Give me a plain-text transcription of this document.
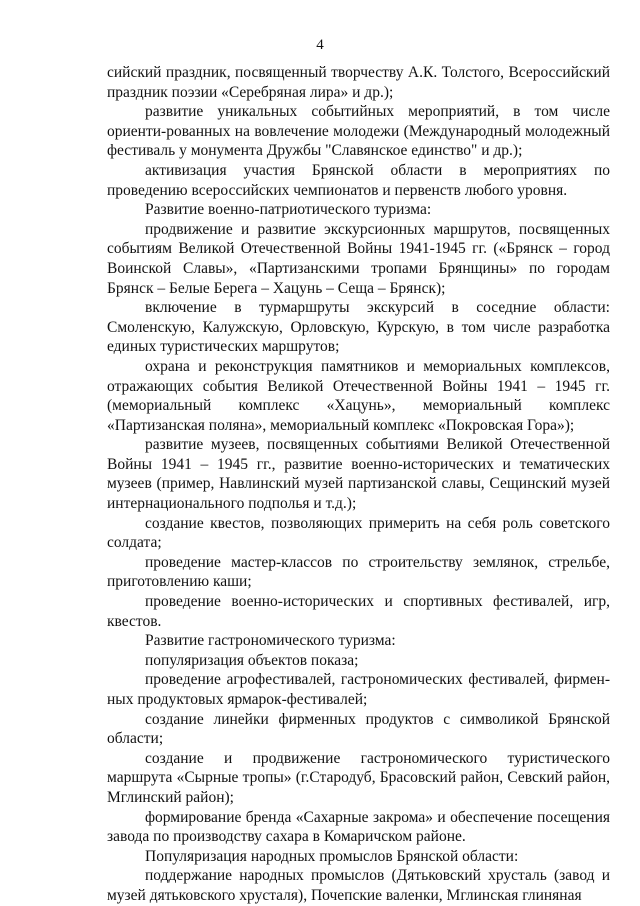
4

сийский праздник, посвященный творчеству А.К. Толстого, Всероссийский праздник поэзии «Серебряная лира» и др.);

развитие уникальных событийных мероприятий, в том числе ориенти-рованных на вовлечение молодежи (Международный молодежный фестиваль у монумента Дружбы "Славянское единство" и др.);

активизация участия Брянской области в мероприятиях по проведению всероссийских чемпионатов и первенств любого уровня.

Развитие военно-патриотического туризма:

продвижение и развитие экскурсионных маршрутов, посвященных событиям Великой Отечественной Войны 1941-1945 гг. («Брянск – город Воинской Славы», «Партизанскими тропами Брянщины» по городам Брянск – Белые Берега – Хацунь – Сеща – Брянск);

включение в турмаршруты экскурсий в соседние области: Смоленскую, Калужскую, Орловскую, Курскую, в том числе разработка единых туристических маршрутов;

охрана и реконструкция памятников и мемориальных комплексов, отражающих события Великой Отечественной Войны 1941 – 1945 гг. (мемориальный комплекс «Хацунь», мемориальный комплекс «Партизанская поляна», мемориальный комплекс «Покровская Гора»);

развитие музеев, посвященных событиями Великой Отечественной Войны 1941 – 1945 гг., развитие военно-исторических и тематических музеев (пример, Навлинский музей партизанской славы, Сещинский музей интернационального подполья и т.д.);

создание квестов, позволяющих примерить на себя роль советского солдата;

проведение мастер-классов по строительству землянок, стрельбе, приготовлению каши;

проведение военно-исторических и спортивных фестивалей, игр, квестов.

Развитие гастрономического туризма:

популяризация объектов показа;

проведение агрофестивалей, гастрономических фестивалей, фирмен-ных продуктовых ярмарок-фестивалей;

создание линейки фирменных продуктов с символикой Брянской области;

создание и продвижение гастрономического туристического маршрута «Сырные тропы» (г.Стародуб, Брасовский район, Севский район, Мглинский район);

формирование бренда «Сахарные закрома» и обеспечение посещения завода по производству сахара в Комаричском районе.

Популяризация народных промыслов Брянской области:

поддержание народных промыслов (Дятьковский хрусталь (завод и музей дятьковского хрусталя), Почепские валенки, Мглинская глиняная
